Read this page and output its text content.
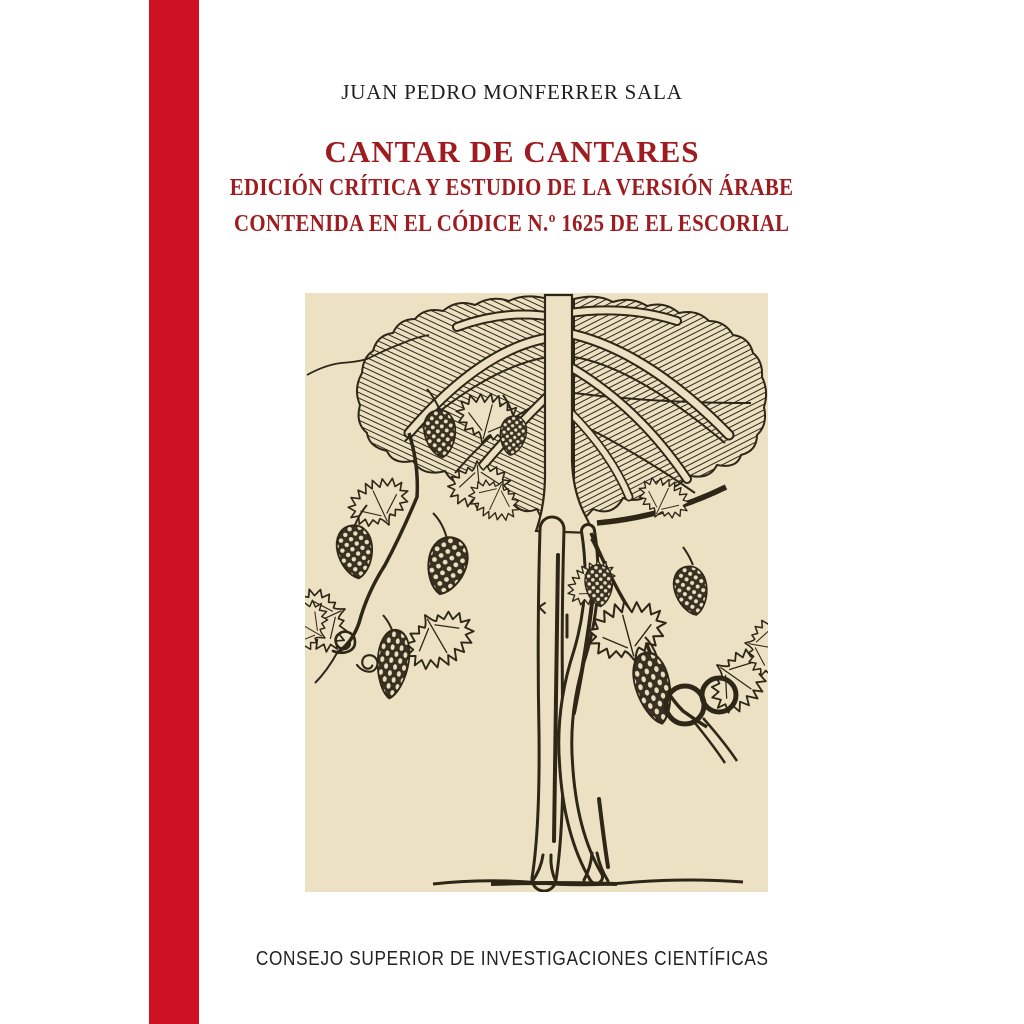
JUAN PEDRO MONFERRER SALA
CANTAR DE CANTARES
EDICIÓN CRÍTICA Y ESTUDIO DE LA VERSIÓN ÁRABE
CONTENIDA EN EL CÓDICE N.º 1625 DE EL ESCORIAL
CONSEJO SUPERIOR DE INVESTIGACIONES CIENTÍFICAS
